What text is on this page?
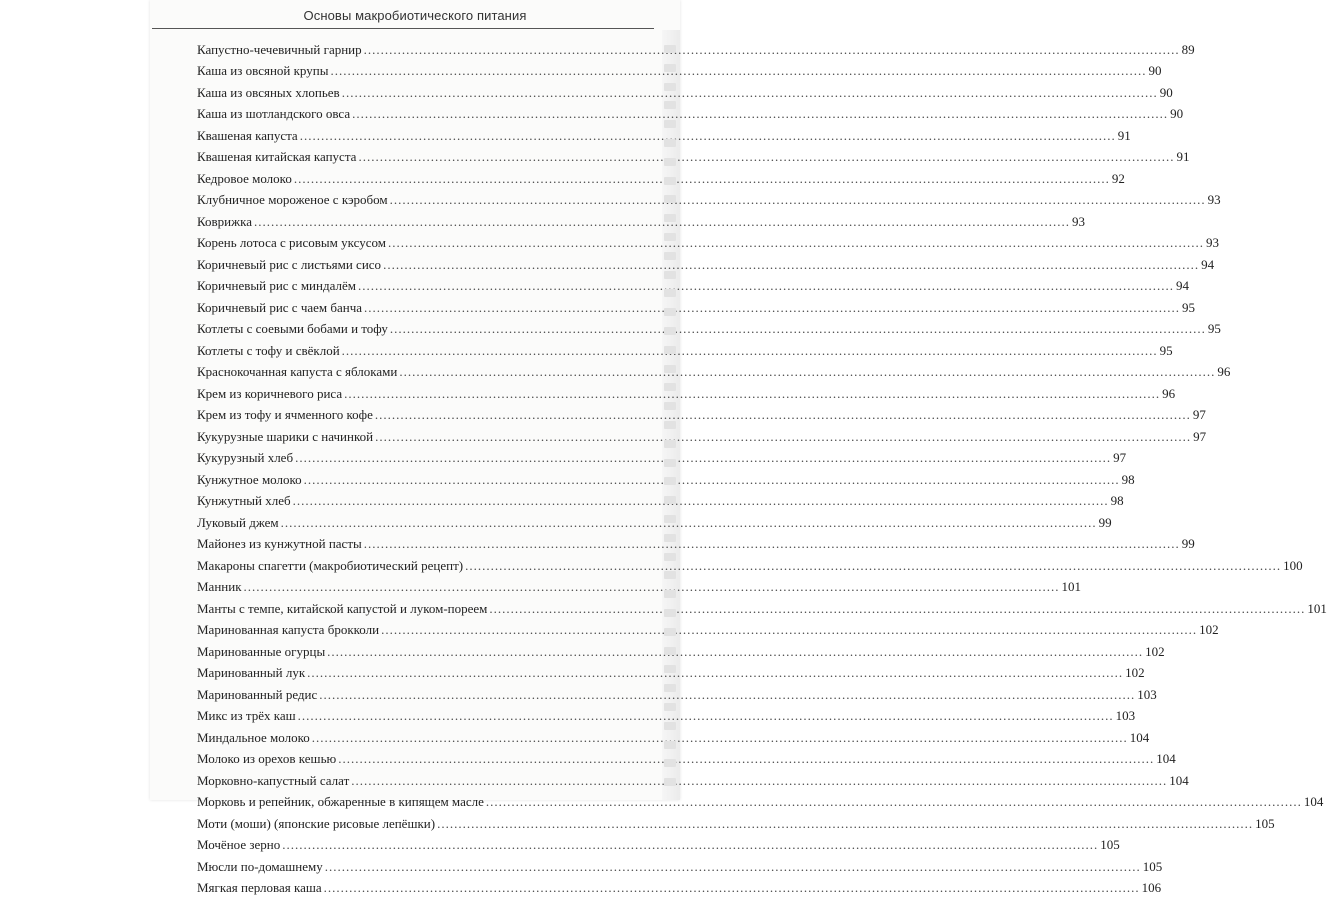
Основы макробиотического питания
Капустно-чечевичный гарнир .....	89
Каша из овсяной крупы .....	90
Каша из овсяных хлопьев .....	90
Каша из шотландского овса .....	90
Квашеная капуста .....	91
Квашеная китайская капуста .....	91
Кедровое молоко .....	92
Клубничное мороженое с кэробом .....	93
Коврижка .....	93
Корень лотоса с рисовым уксусом .....	93
Коричневый рис с листьями сисо .....	94
Коричневый рис с миндалём .....	94
Коричневый рис с чаем банча .....	95
Котлеты с соевыми бобами и тофу .....	95
Котлеты с тофу и свёклой .....	95
Краснокочанная капуста с яблоками .....	96
Крем из коричневого риса .....	96
Крем из тофу и ячменного кофе .....	97
Кукурузные шарики с начинкой .....	97
Кукурузный хлеб .....	97
Кунжутное молоко .....	98
Кунжутный хлеб .....	98
Луковый джем .....	99
Майонез из кунжутной пасты .....	99
Макароны спагетти (макробиотический рецепт) .....	100
Манник .....	101
Манты с темпе, китайской капустой и луком-пореем .....	101
Маринованная капуста брокколи .....	102
Маринованные огурцы .....	102
Маринованный лук .....	102
Маринованный редис .....	103
Микс из трёх каш .....	103
Миндальное молоко .....	104
Молоко из орехов кешью .....	104
Морковно-капустный салат .....	104
Морковь и репейник, обжаренные в кипящем масле .....	104
Моти (моши) (японские рисовые лепёшки) .....	105
Мочёное зерно .....	105
Мюсли по-домашнему .....	105
Мягкая перловая каша .....	106
